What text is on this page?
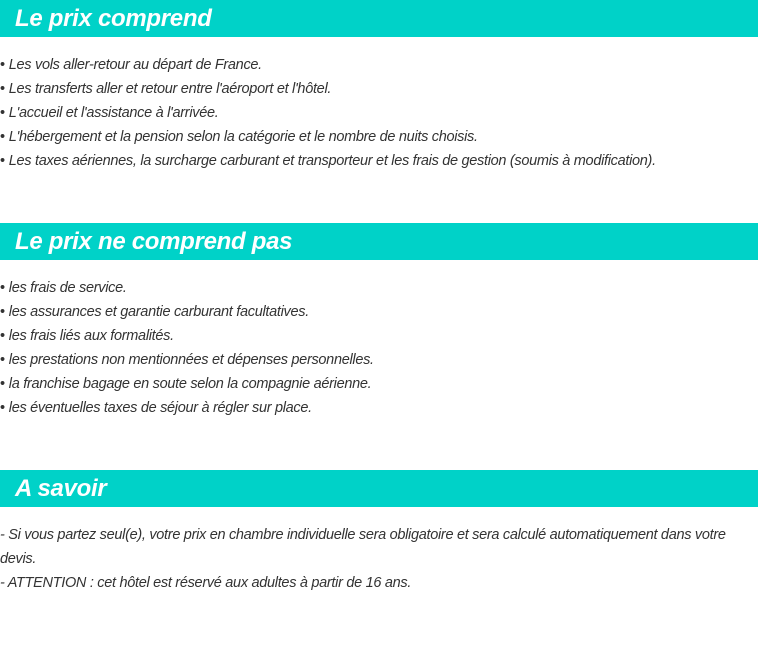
Le prix comprend
• Les vols aller-retour au départ de France.
• Les transferts aller et retour entre l'aéroport et l'hôtel.
• L'accueil et l'assistance à l'arrivée.
• L'hébergement et la pension selon la catégorie et le nombre de nuits choisis.
• Les taxes aériennes, la surcharge carburant et transporteur et les frais de gestion (soumis à modification).
Le prix ne comprend pas
• les frais de service.
• les assurances et garantie carburant facultatives.
• les frais liés aux formalités.
• les prestations non mentionnées et dépenses personnelles.
• la franchise bagage en soute selon la compagnie aérienne.
• les éventuelles taxes de séjour à régler sur place.
A savoir

- Si vous partez seul(e), votre prix en chambre individuelle sera obligatoire et sera calculé automatiquement dans votre devis.

- ATTENTION : cet hôtel est réservé aux adultes à partir de 16 ans.
